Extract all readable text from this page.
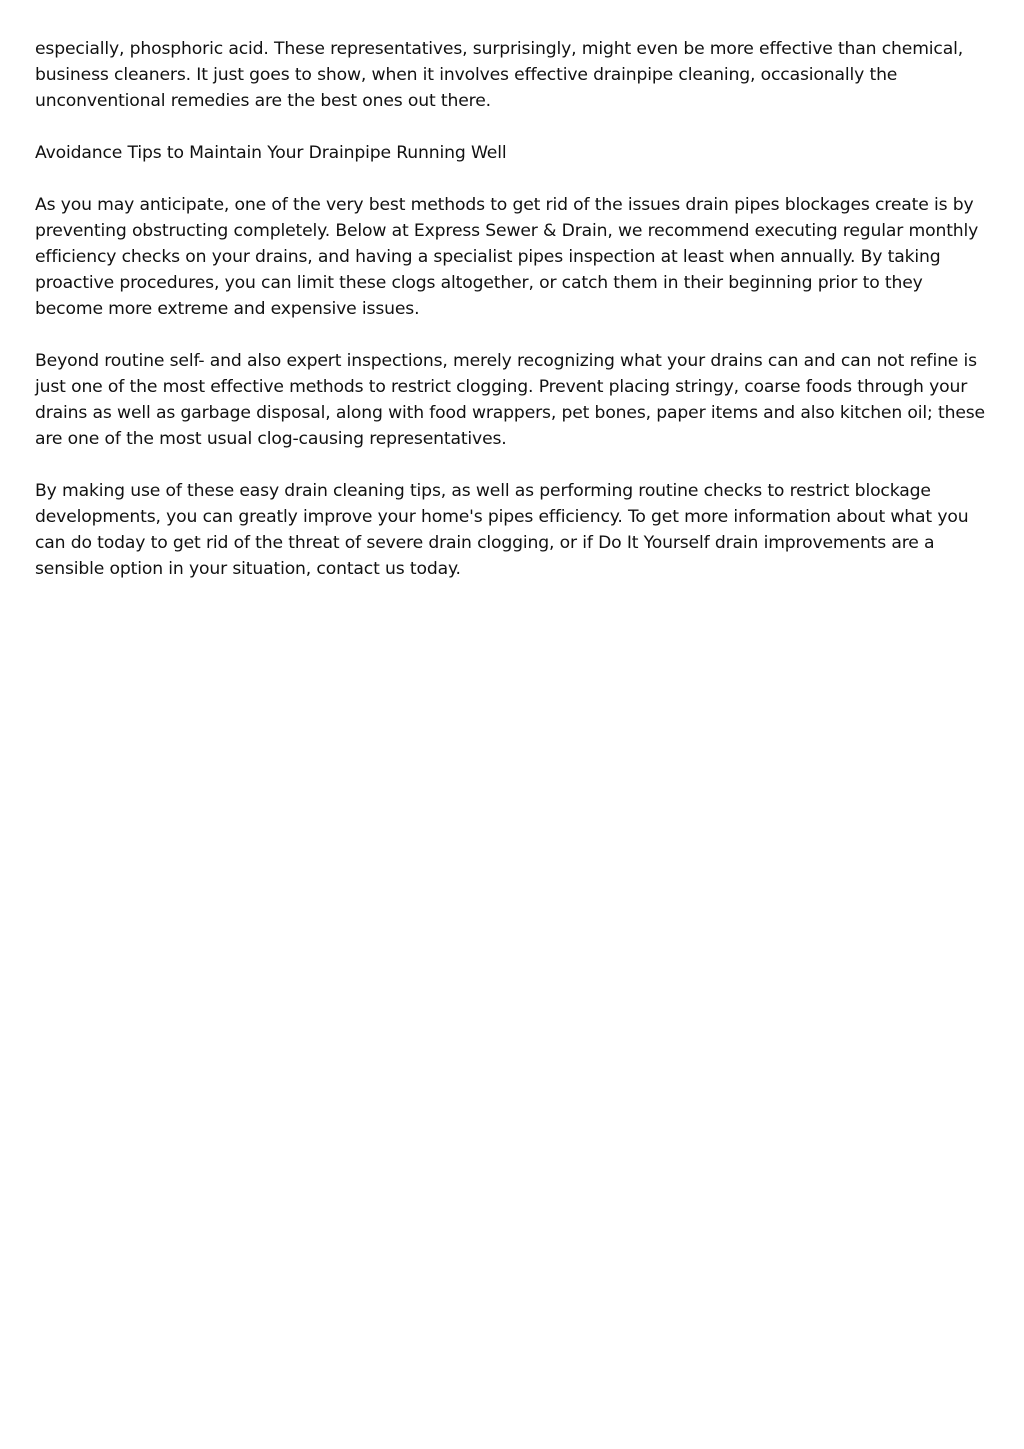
especially, phosphoric acid. These representatives, surprisingly, might even be more effective than chemical, business cleaners. It just goes to show, when it involves effective drainpipe cleaning, occasionally the unconventional remedies are the best ones out there.

Avoidance Tips to Maintain Your Drainpipe Running Well

As you may anticipate, one of the very best methods to get rid of the issues drain pipes blockages create is by preventing obstructing completely. Below at Express Sewer & Drain, we recommend executing regular monthly efficiency checks on your drains, and having a specialist pipes inspection at least when annually. By taking proactive procedures, you can limit these clogs altogether, or catch them in their beginning prior to they become more extreme and expensive issues.

Beyond routine self- and also expert inspections, merely recognizing what your drains can and can not refine is just one of the most effective methods to restrict clogging. Prevent placing stringy, coarse foods through your drains as well as garbage disposal, along with food wrappers, pet bones, paper items and also kitchen oil; these are one of the most usual clog-causing representatives.

By making use of these easy drain cleaning tips, as well as performing routine checks to restrict blockage developments, you can greatly improve your home's pipes efficiency. To get more information about what you can do today to get rid of the threat of severe drain clogging, or if Do It Yourself drain improvements are a sensible option in your situation, contact us today.
